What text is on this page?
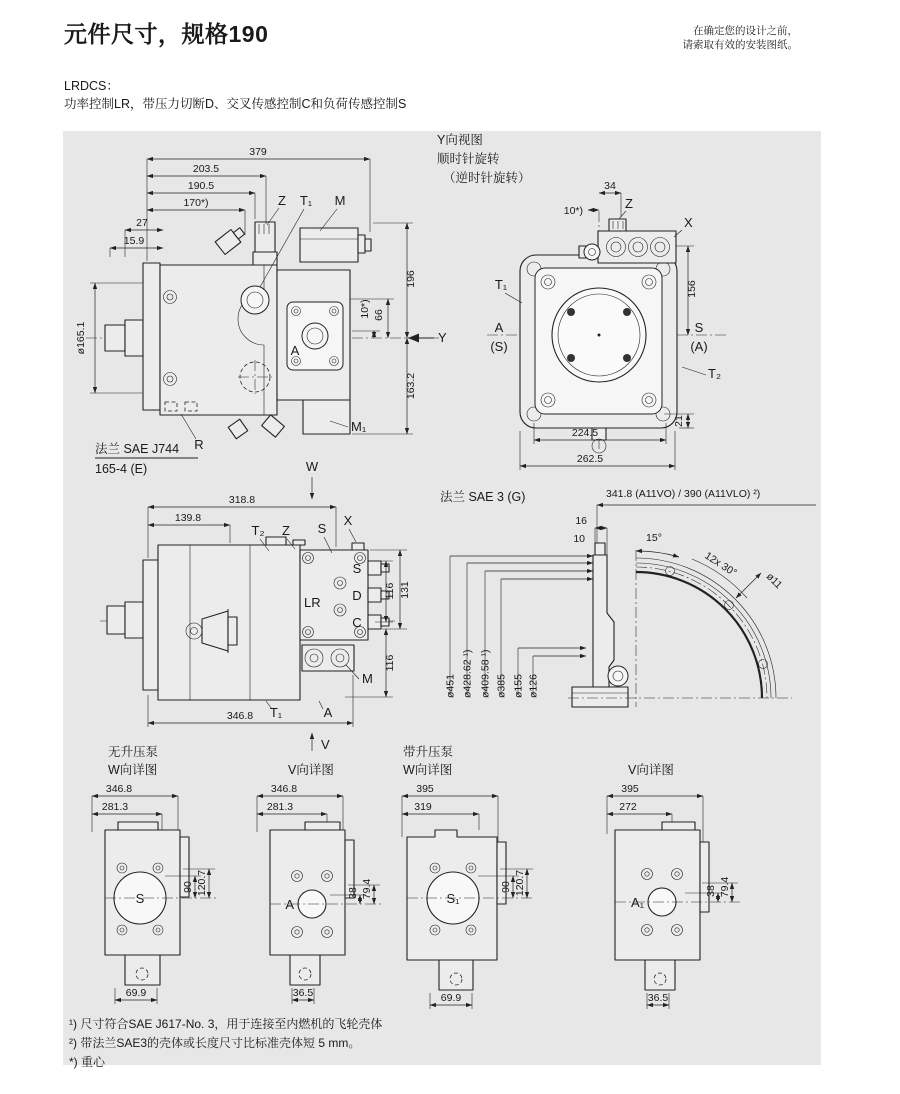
元件尺寸，规格190	在确定您的设计之前，
请索取有效的安装图纸。
LRDCS：
功率控制LR，带压力切断D、交叉传感控制C和负荷传感控制S
379
203.5
190.5
170*)
27
15.9
Z T₁ M
196
66
10*)
163.2
Y
A
M₁
R
ø165.1
法兰 SAE J744
165-4 (E)
Y向视图
顺时针旋转
（逆时针旋转）
34
10*)	Z
X
T₁	156
A
(S)
S
(A)
T₂
21
224.5
262.5
W
318.8
139.8
T₂ Z S
X
S
D
C
LR
116 131
116
M
T₁	A
346.8
V
法兰 SAE 3 (G)	341.8 (A11VO) / 390 (A11VLO) ²)
16
10
ø451 ø428.62 ¹) ø409.58 ¹) ø385 ø155 ø126
15°
12x 30°
ø11
无升压泵
W向详图
346.8
281.3
S
90 120.7
69.9
V向详图
346.8
281.3
A
38 79.4
36.5
带升压泵
W向详图
395
319
S₁
90 120.7
69.9
V向详图
395
272
A₁
38 79.4
36.5
¹) 尺寸符合SAE J617-No. 3，用于连接至内燃机的飞轮壳体
²) 带法兰SAE3的壳体或长度尺寸比标准壳体短 5 mm。
*) 重心
